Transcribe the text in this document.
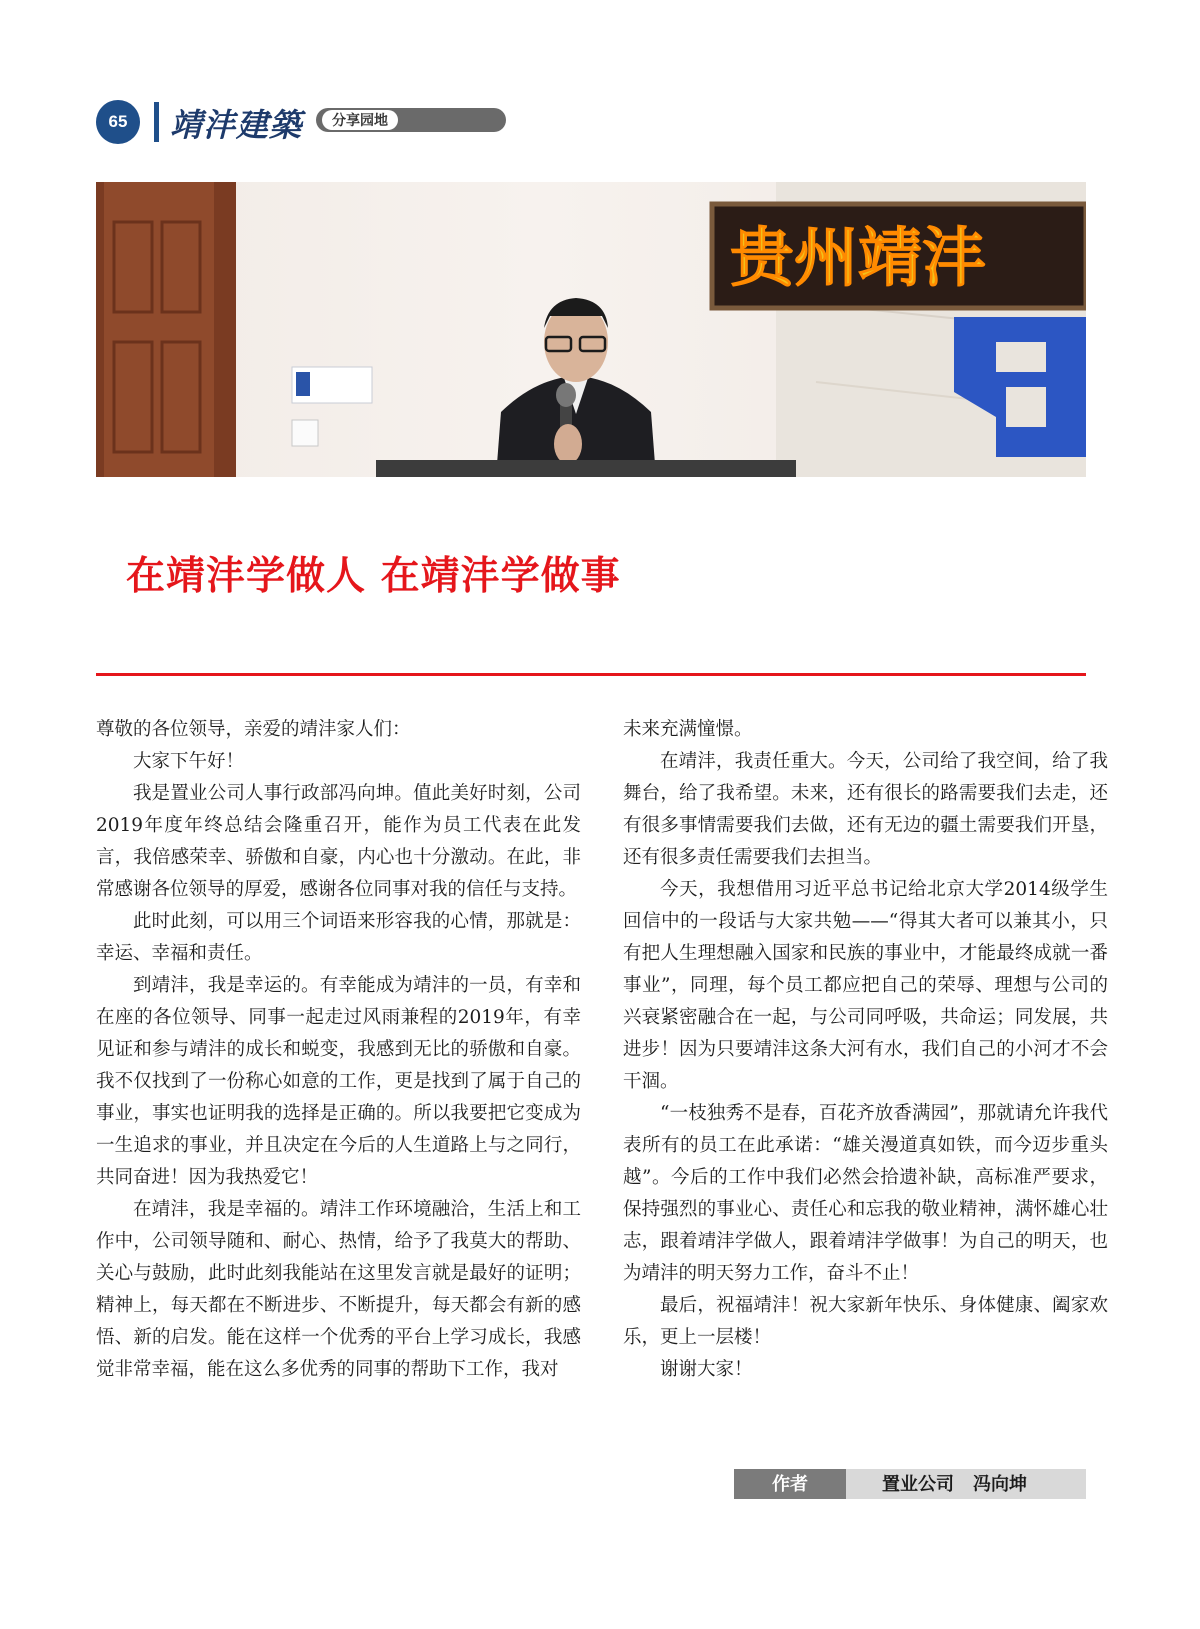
65	靖沣建築	分享园地
贵州靖沣
在靖沣学做人 在靖沣学做事

尊敬的各位领导，亲爱的靖沣家人们：

大家下午好！

我是置业公司人事行政部冯向坤。值此美好时刻，公司2019年度年终总结会隆重召开，能作为员工代表在此发言，我倍感荣幸、骄傲和自豪，内心也十分激动。在此，非常感谢各位领导的厚爱，感谢各位同事对我的信任与支持。

此时此刻，可以用三个词语来形容我的心情，那就是：幸运、幸福和责任。

到靖沣，我是幸运的。有幸能成为靖沣的一员，有幸和在座的各位领导、同事一起走过风雨兼程的2019年，有幸见证和参与靖沣的成长和蜕变，我感到无比的骄傲和自豪。我不仅找到了一份称心如意的工作，更是找到了属于自己的事业，事实也证明我的选择是正确的。所以我要把它变成为一生追求的事业，并且决定在今后的人生道路上与之同行，共同奋进！因为我热爱它！

在靖沣，我是幸福的。靖沣工作环境融洽，生活上和工作中，公司领导随和、耐心、热情，给予了我莫大的帮助、关心与鼓励，此时此刻我能站在这里发言就是最好的证明；精神上，每天都在不断进步、不断提升，每天都会有新的感悟、新的启发。能在这样一个优秀的平台上学习成长，我感觉非常幸福，能在这么多优秀的同事的帮助下工作，我对

未来充满憧憬。

在靖沣，我责任重大。今天，公司给了我空间，给了我舞台，给了我希望。未来，还有很长的路需要我们去走，还有很多事情需要我们去做，还有无边的疆土需要我们开垦，还有很多责任需要我们去担当。

今天，我想借用习近平总书记给北京大学2014级学生回信中的一段话与大家共勉——“得其大者可以兼其小，只有把人生理想融入国家和民族的事业中，才能最终成就一番事业”，同理，每个员工都应把自己的荣辱、理想与公司的兴衰紧密融合在一起，与公司同呼吸，共命运；同发展，共进步！因为只要靖沣这条大河有水，我们自己的小河才不会干涸。

“一枝独秀不是春，百花齐放香满园”，那就请允许我代表所有的员工在此承诺：“雄关漫道真如铁，而今迈步重头越”。今后的工作中我们必然会拾遗补缺，高标准严要求，保持强烈的事业心、责任心和忘我的敬业精神，满怀雄心壮志，跟着靖沣学做人，跟着靖沣学做事！为自己的明天，也为靖沣的明天努力工作，奋斗不止！

最后，祝福靖沣！祝大家新年快乐、身体健康、阖家欢乐，更上一层楼！

谢谢大家！

作者	置业公司 冯向坤
